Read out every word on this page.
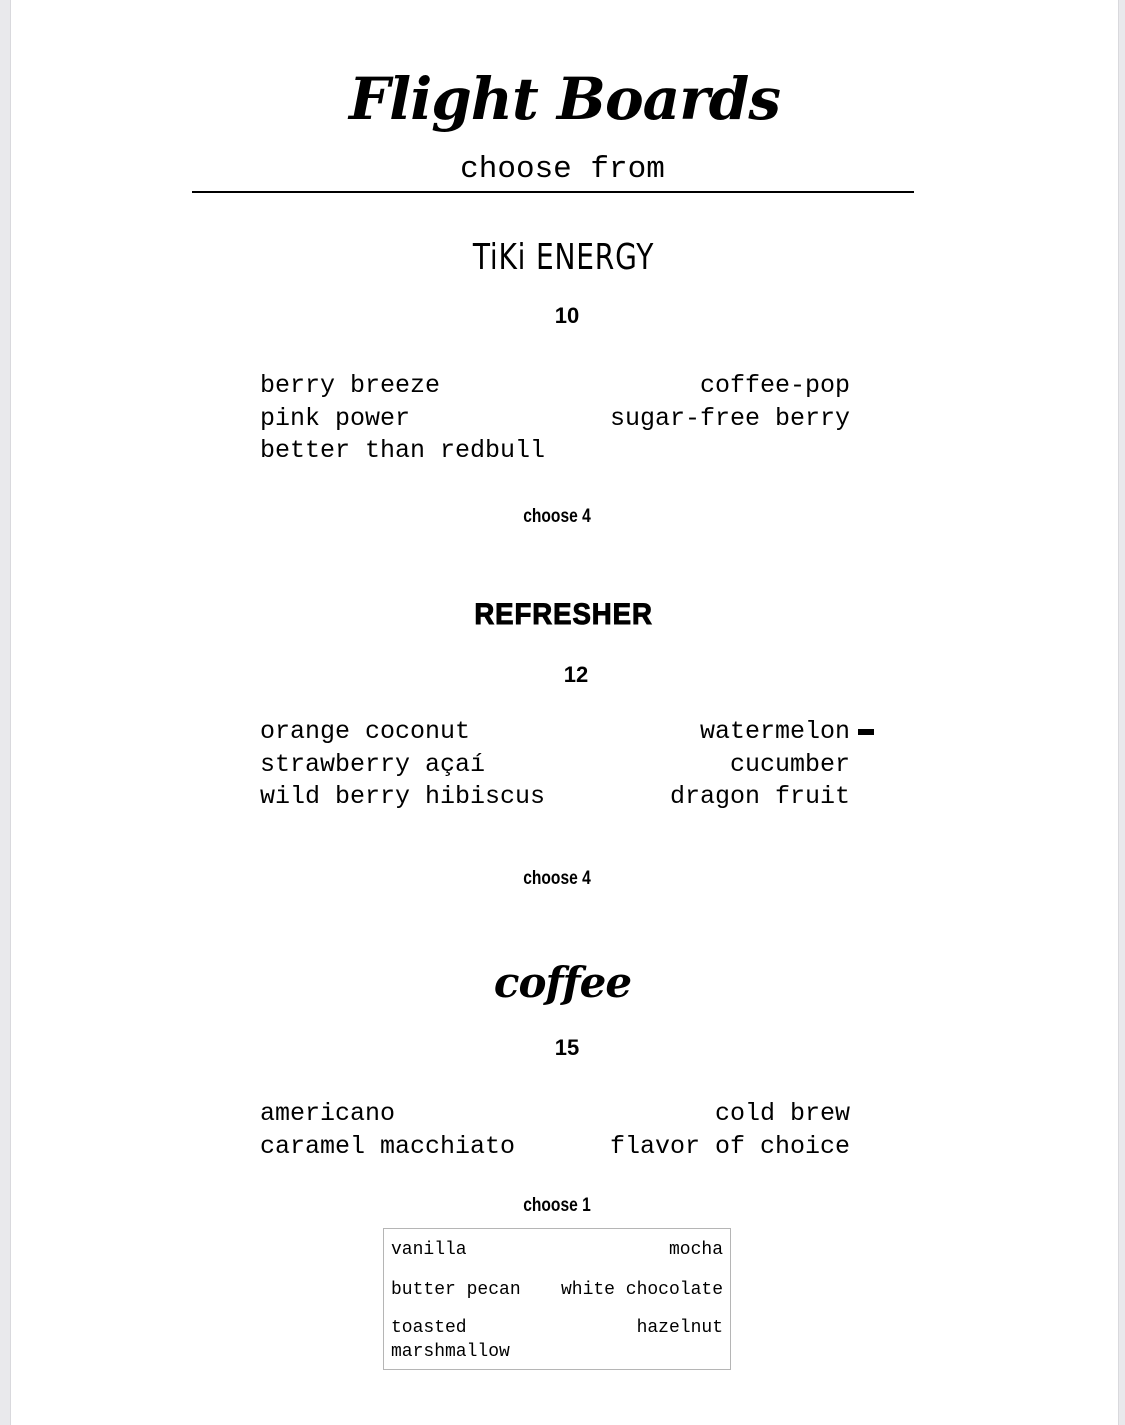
Flight Boards
choose from
TiKi ENERGY
10
berry breeze
pink power
better than redbull
coffee-pop
sugar-free berry
choose 4
REFRESHER
12
orange coconut
strawberry açaí
wild berry hibiscus
watermelon
cucumber
dragon fruit
choose 4
coffee
15
americano
caramel macchiato
cold brew
flavor of choice
choose 1
vanilla	mocha
butter pecan white chocolate
toasted
marshmallow
hazelnut
